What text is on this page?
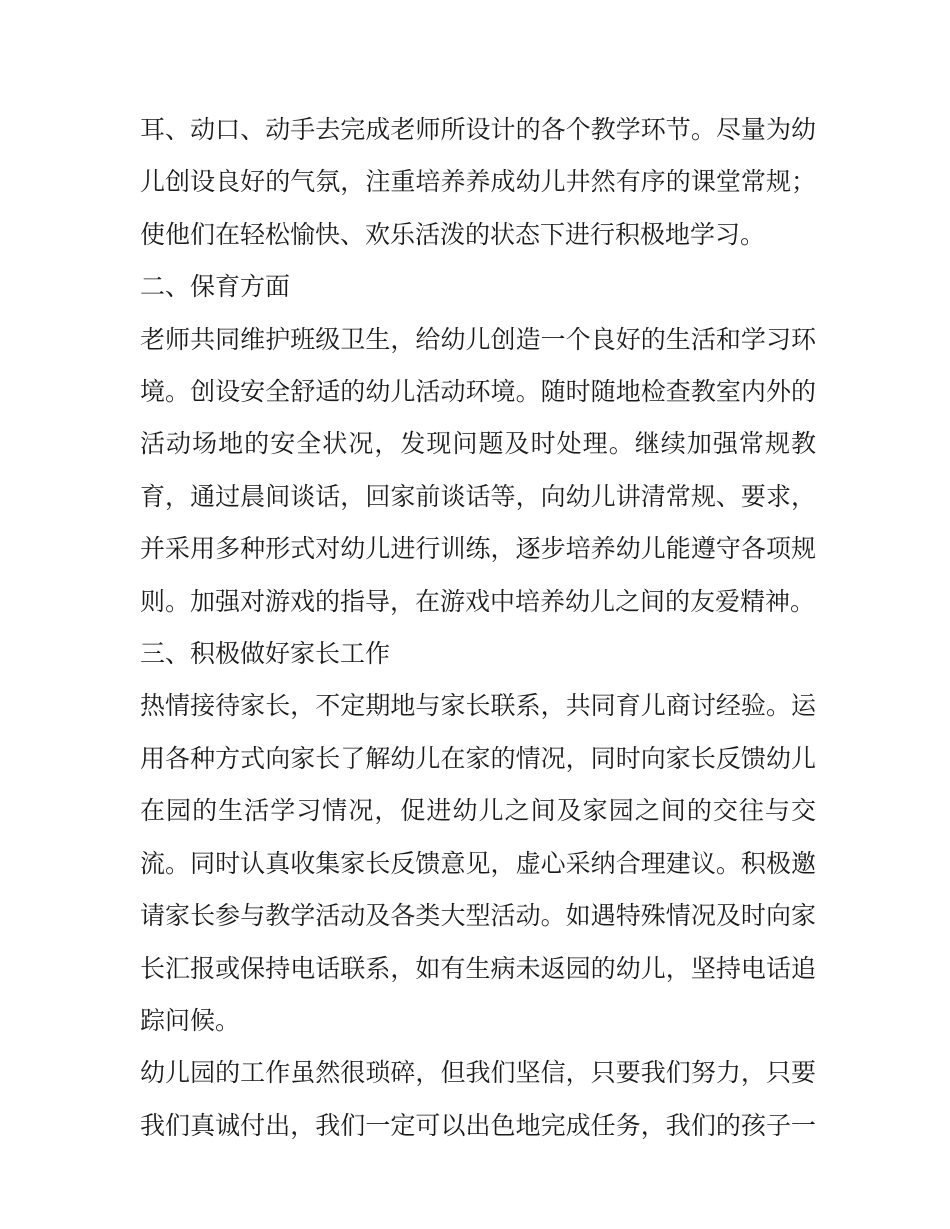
耳、动口、动手去完成老师所设计的各个教学环节。尽量为幼
儿创设良好的气氛，注重培养养成幼儿井然有序的课堂常规；
使他们在轻松愉快、欢乐活泼的状态下进行积极地学习。

二、保育方面

老师共同维护班级卫生，给幼儿创造一个良好的生活和学习环
境。创设安全舒适的幼儿活动环境。随时随地检查教室内外的
活动场地的安全状况，发现问题及时处理。继续加强常规教
育，通过晨间谈话，回家前谈话等，向幼儿讲清常规、要求，
并采用多种形式对幼儿进行训练，逐步培养幼儿能遵守各项规
则。加强对游戏的指导，在游戏中培养幼儿之间的友爱精神。

三、积极做好家长工作

热情接待家长，不定期地与家长联系，共同育儿商讨经验。运
用各种方式向家长了解幼儿在家的情况，同时向家长反馈幼儿
在园的生活学习情况，促进幼儿之间及家园之间的交往与交
流。同时认真收集家长反馈意见，虚心采纳合理建议。积极邀
请家长参与教学活动及各类大型活动。如遇特殊情况及时向家
长汇报或保持电话联系，如有生病未返园的幼儿，坚持电话追
踪问候。

幼儿园的工作虽然很琐碎，但我们坚信，只要我们努力，只要
我们真诚付出，我们一定可以出色地完成任务，我们的孩子一
